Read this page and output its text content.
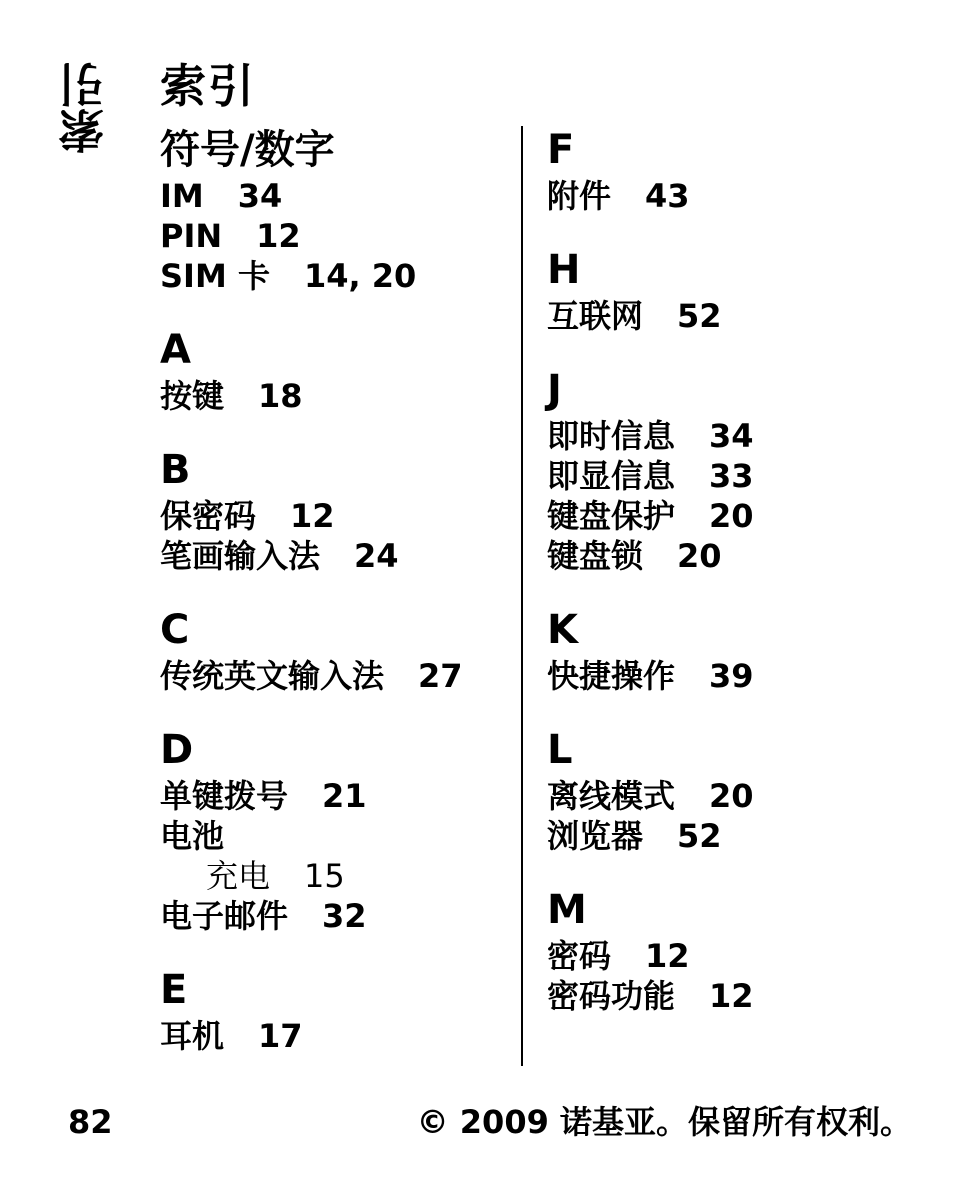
索引 索引
符号/数字
IM 34
PIN 12
SIM 卡 14, 20
A
按键 18
B
保密码 12
笔画输入法 24
C
传统英文输入法 27
D
单键拨号 21
电池
充电 15
电子邮件 32
E
耳机 17
F
附件 43
H
互联网 52
J
即时信息 34
即显信息 33
键盘保护 20
键盘锁 20
K
快捷操作 39
L
离线模式 20
浏览器 52
M
密码 12
密码功能 12
82	© 2009 诺基亚。保留所有权利。
